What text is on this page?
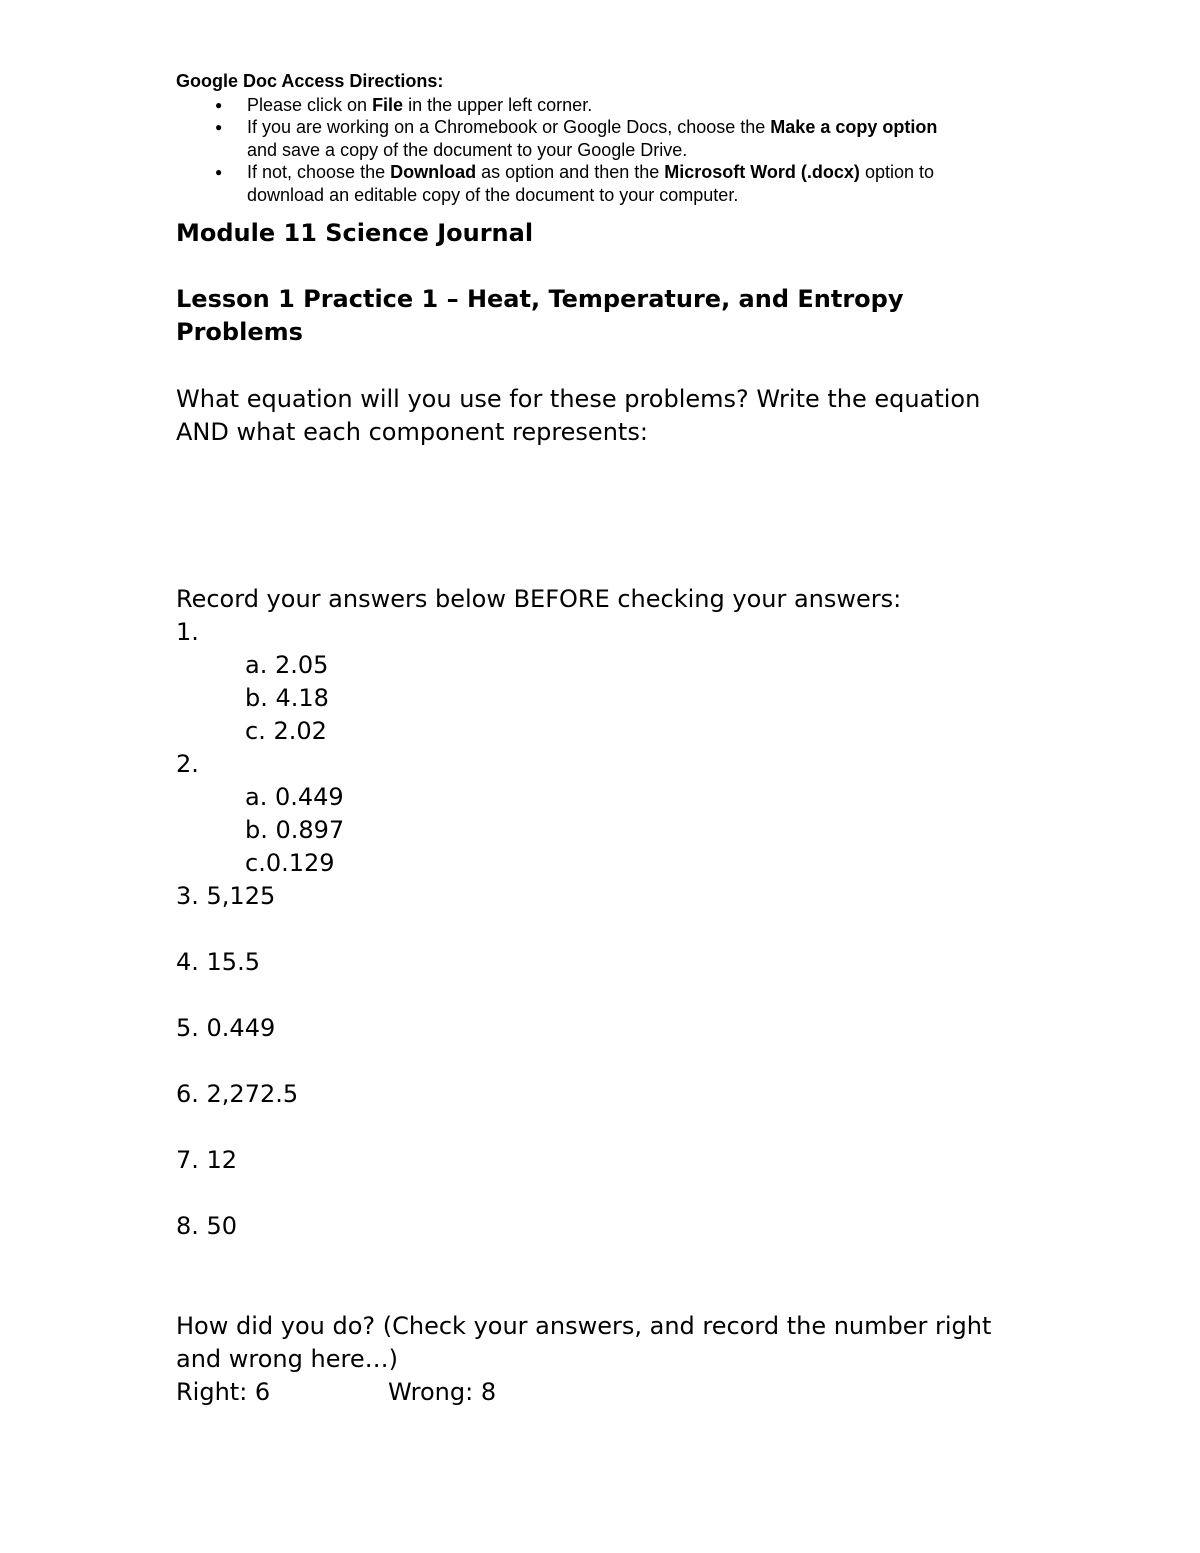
Google Doc Access Directions:
● Please click on File in the upper left corner.
● If you are working on a Chromebook or Google Docs, choose the Make a copy option
and save a copy of the document to your Google Drive.
● If not, choose the Download as option and then the Microsoft Word (.docx) option to
download an editable copy of the document to your computer.
Module 11 Science Journal
Lesson 1 Practice 1 – Heat, Temperature, and Entropy
Problems
What equation will you use for these problems? Write the equation
AND what each component represents:
Record your answers below BEFORE checking your answers:
1.
a. 2.05
b. 4.18
c. 2.02
2.
a. 0.449
b. 0.897
c.0.129
3. 5,125
4. 15.5
5. 0.449
6. 2,272.5
7. 12
8. 50
How did you do? (Check your answers, and record the number right
and wrong here…)
Right: 6	Wrong: 8
